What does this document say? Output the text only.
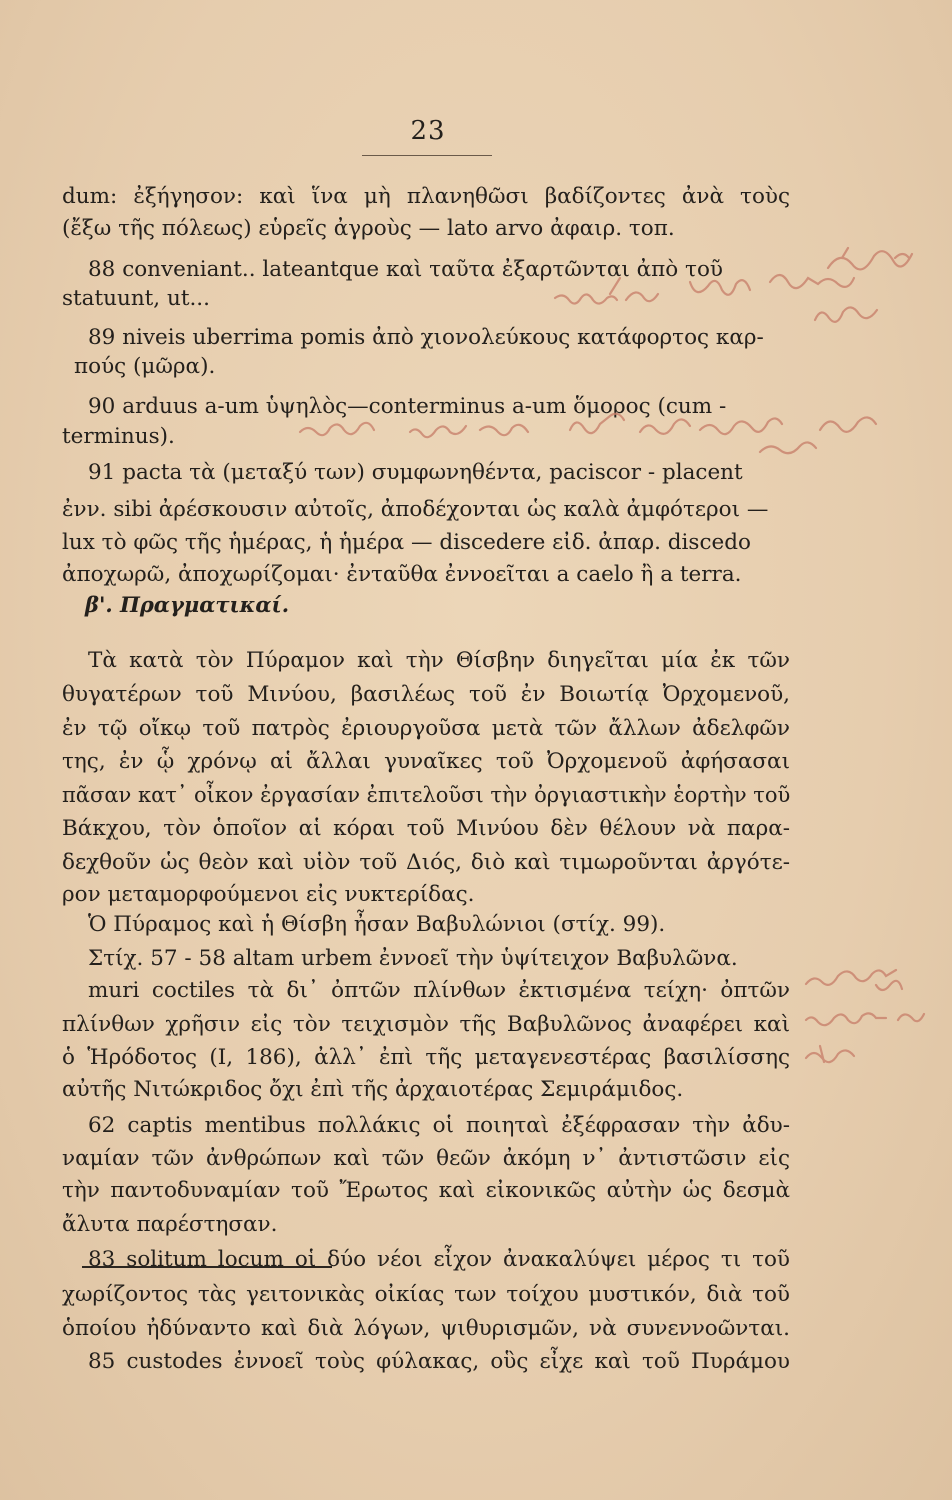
23
β'. Πραγματικαί.
dum: ἐξήγησον: καὶ ἵνα μὴ πλανηθῶσι βαδίζοντες ἀνὰ τοὺς
(ἔξω τῆς πόλεως) εὑρεῖς ἀγροὺς — lato arvo ἀφαιρ. τοπ.
88 conveniant.. lateantque καὶ ταῦτα ἐξαρτῶνται ἀπὸ τοῦ
statuunt, ut...
89 niveis uberrima pomis ἀπὸ χιονολεύκους κατάφορτος καρ-
πούς (μῶρα).
90 arduus a-um ὑψηλὸς—conterminus a-um ὅμορος (cum -
terminus).
91 pacta τὰ (μεταξύ των) συμφωνηθέντα, paciscor - placent
ἐνν. sibi ἀρέσκουσιν αὐτοῖς, ἀποδέχονται ὡς καλὰ ἀμφότεροι —
lux τὸ φῶς τῆς ἡμέρας, ἡ ἡμέρα — discedere εἰδ. ἀπαρ. discedo
ἀποχωρῶ, ἀποχωρίζομαι· ἐνταῦθα ἐννοεῖται a caelo ἢ a terra.
Τὰ κατὰ τὸν Πύραμον καὶ τὴν Θίσβην διηγεῖται μία ἐκ τῶν
θυγατέρων τοῦ Μινύου, βασιλέως τοῦ ἐν Βοιωτίᾳ Ὀρχομενοῦ,
ἐν τῷ οἴκῳ τοῦ πατρὸς ἐριουργοῦσα μετὰ τῶν ἄλλων ἀδελφῶν
της, ἐν ᾧ χρόνῳ αἱ ἄλλαι γυναῖκες τοῦ Ὀρχομενοῦ ἀφήσασαι
πᾶσαν κατ᾽ οἶκον ἐργασίαν ἐπιτελοῦσι τὴν ὀργιαστικὴν ἑορτὴν τοῦ
Βάκχου, τὸν ὁποῖον αἱ κόραι τοῦ Μινύου δὲν θέλουν νὰ παρα-
δεχθοῦν ὡς θεὸν καὶ υἱὸν τοῦ Διός, διὸ καὶ τιμωροῦνται ἀργότε-
ρον μεταμορφούμενοι εἰς νυκτερίδας.
Ὁ Πύραμος καὶ ἡ Θίσβη ἦσαν Βαβυλώνιοι (στίχ. 99).
Στίχ. 57 - 58 altam urbem ἐννοεῖ τὴν ὑψίτειχον Βαβυλῶνα.
muri coctiles τὰ δι᾽ ὀπτῶν πλίνθων ἐκτισμένα τείχη· ὀπτῶν
πλίνθων χρῆσιν εἰς τὸν τειχισμὸν τῆς Βαβυλῶνος ἀναφέρει καὶ
ὁ Ἡρόδοτος (I, 186), ἀλλ᾽ ἐπὶ τῆς μεταγενεστέρας βασιλίσσης
αὐτῆς Νιτώκριδος ὄχι ἐπὶ τῆς ἀρχαιοτέρας Σεμιράμιδος.
62 captis mentibus πολλάκις οἱ ποιηταὶ ἐξέφρασαν τὴν ἀδυ-
ναμίαν τῶν ἀνθρώπων καὶ τῶν θεῶν ἀκόμη ν᾽ ἀντιστῶσιν εἰς
τὴν παντοδυναμίαν τοῦ Ἔρωτος καὶ εἰκονικῶς αὐτὴν ὡς δεσμὰ
ἄλυτα παρέστησαν.
83 solitum locum οἱ δύο νέοι εἶχον ἀνακαλύψει μέρος τι τοῦ
χωρίζοντος τὰς γειτονικὰς οἰκίας των τοίχου μυστικόν, διὰ τοῦ
ὁποίου ἠδύναντο καὶ διὰ λόγων, ψιθυρισμῶν, νὰ συνεννοῶνται.
85 custodes ἐννοεῖ τοὺς φύλακας, οὓς εἶχε καὶ τοῦ Πυράμου
